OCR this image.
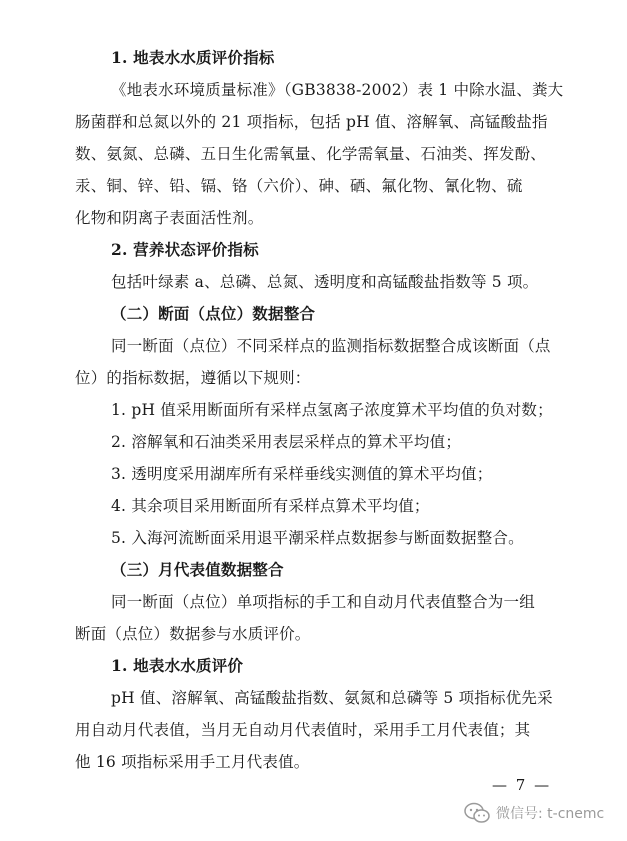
— 7 —
微信号: t-cnemc
1. 地表水水质评价指标
《地表水环境质量标准》（GB3838-2002）表 1 中除水温、粪大
肠菌群和总氮以外的 21 项指标，包括 pH 值、溶解氧、高锰酸盐指
数、氨氮、总磷、五日生化需氧量、化学需氧量、石油类、挥发酚、
汞、铜、锌、铅、镉、铬（六价）、砷、硒、氟化物、氰化物、硫
化物和阴离子表面活性剂。
2. 营养状态评价指标
包括叶绿素 a、总磷、总氮、透明度和高锰酸盐指数等 5 项。
（二）断面（点位）数据整合
同一断面（点位）不同采样点的监测指标数据整合成该断面（点
位）的指标数据，遵循以下规则：
1. pH 值采用断面所有采样点氢离子浓度算术平均值的负对数；
2. 溶解氧和石油类采用表层采样点的算术平均值；
3. 透明度采用湖库所有采样垂线实测值的算术平均值；
4. 其余项目采用断面所有采样点算术平均值；
5. 入海河流断面采用退平潮采样点数据参与断面数据整合。
（三）月代表值数据整合
同一断面（点位）单项指标的手工和自动月代表值整合为一组
断面（点位）数据参与水质评价。
1. 地表水水质评价
pH 值、溶解氧、高锰酸盐指数、氨氮和总磷等 5 项指标优先采
用自动月代表值，当月无自动月代表值时，采用手工月代表值；其
他 16 项指标采用手工月代表值。
